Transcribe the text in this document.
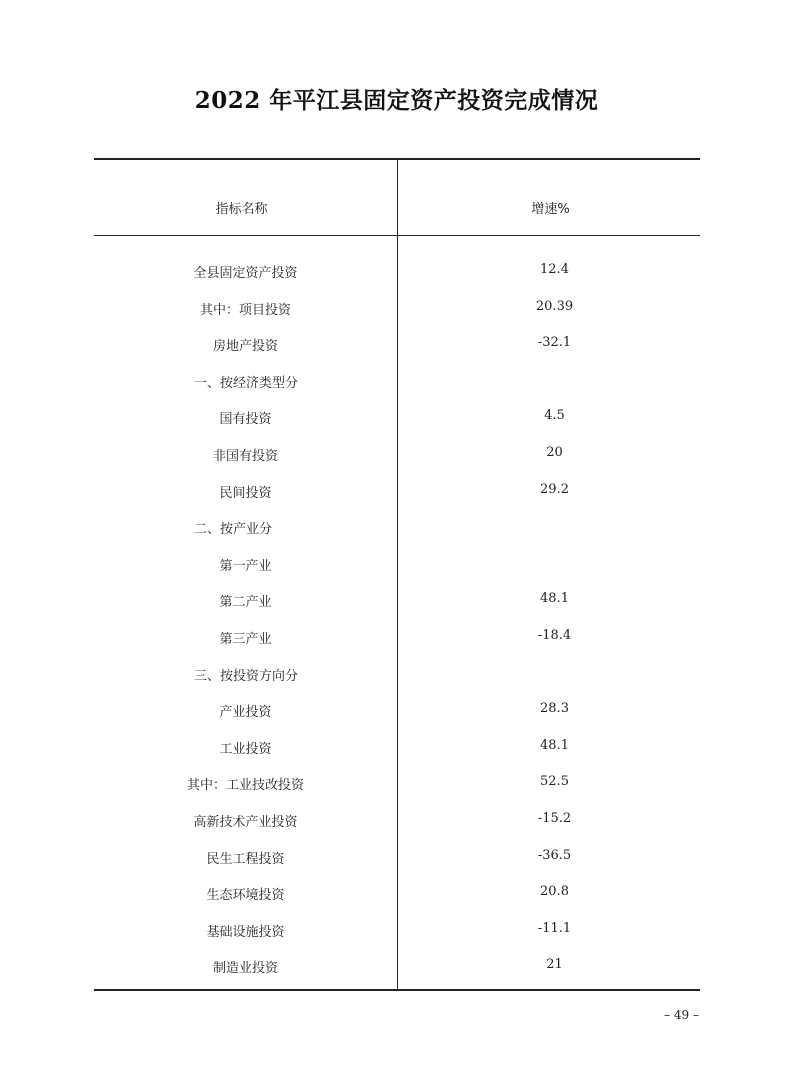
2022 年平江县固定资产投资完成情况
指标名称	增速%
全县固定资产投资	12.4
其中：项目投资	20.39
房地产投资	-32.1
一、按经济类型分
国有投资	4.5
非国有投资	20
民间投资	29.2
二、按产业分
第一产业
第二产业	48.1
第三产业	-18.4
三、按投资方向分
产业投资	28.3
工业投资	48.1
其中：工业技改投资	52.5
高新技术产业投资	-15.2
民生工程投资	-36.5
生态环境投资	20.8
基础设施投资	-11.1
制造业投资	21
– 49 –
